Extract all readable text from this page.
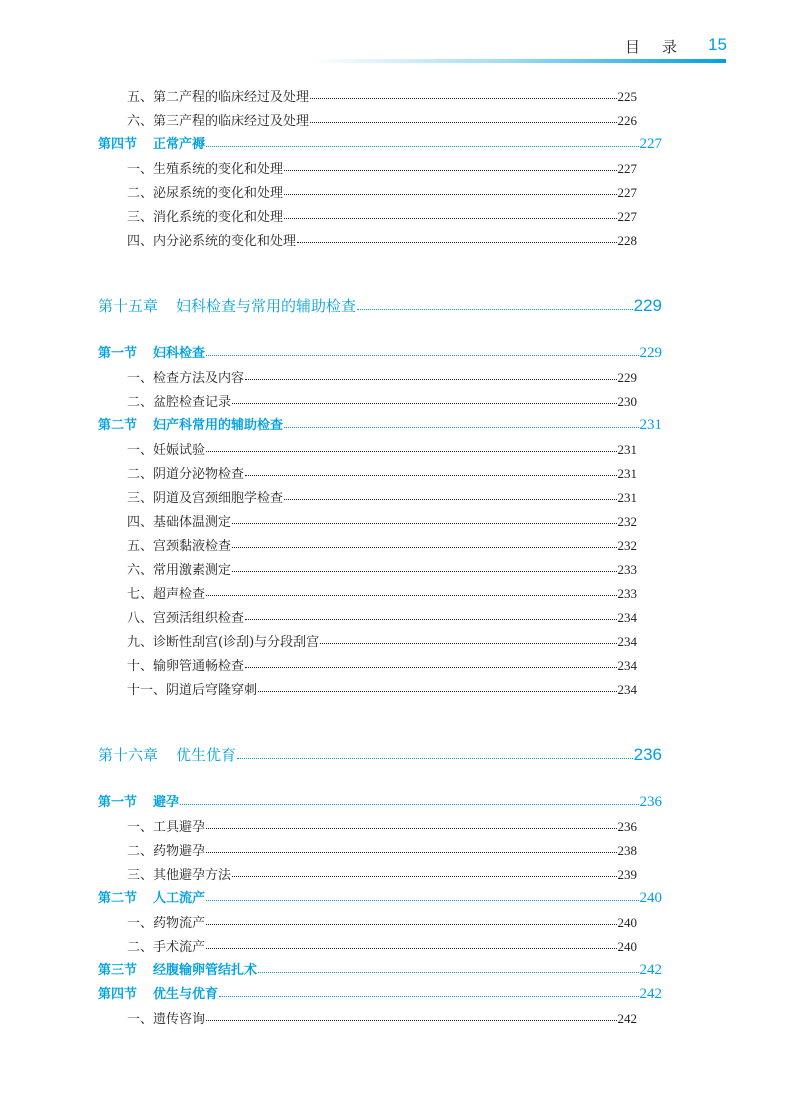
目 录 15
五、第二产程的临床经过及处理	225
六、第三产程的临床经过及处理	226
第四节 正常产褥	227
一、生殖系统的变化和处理	227
二、泌尿系统的变化和处理	227
三、消化系统的变化和处理	227
四、内分泌系统的变化和处理	228
第十五章 妇科检查与常用的辅助检查	229
第一节 妇科检查	229
一、检查方法及内容	229
二、盆腔检查记录	230
第二节 妇产科常用的辅助检查	231
一、妊娠试验	231
二、阴道分泌物检查	231
三、阴道及宫颈细胞学检查	231
四、基础体温测定	232
五、宫颈黏液检查	232
六、常用激素测定	233
七、超声检查	233
八、宫颈活组织检查	234
九、诊断性刮宫(诊刮)与分段刮宫	234
十、输卵管通畅检查	234
十一、阴道后穹隆穿刺	234
第十六章 优生优育	236
第一节 避孕	236
一、工具避孕	236
二、药物避孕	238
三、其他避孕方法	239
第二节 人工流产	240
一、药物流产	240
二、手术流产	240
第三节 经腹输卵管结扎术	242
第四节 优生与优育	242
一、遗传咨询	242
